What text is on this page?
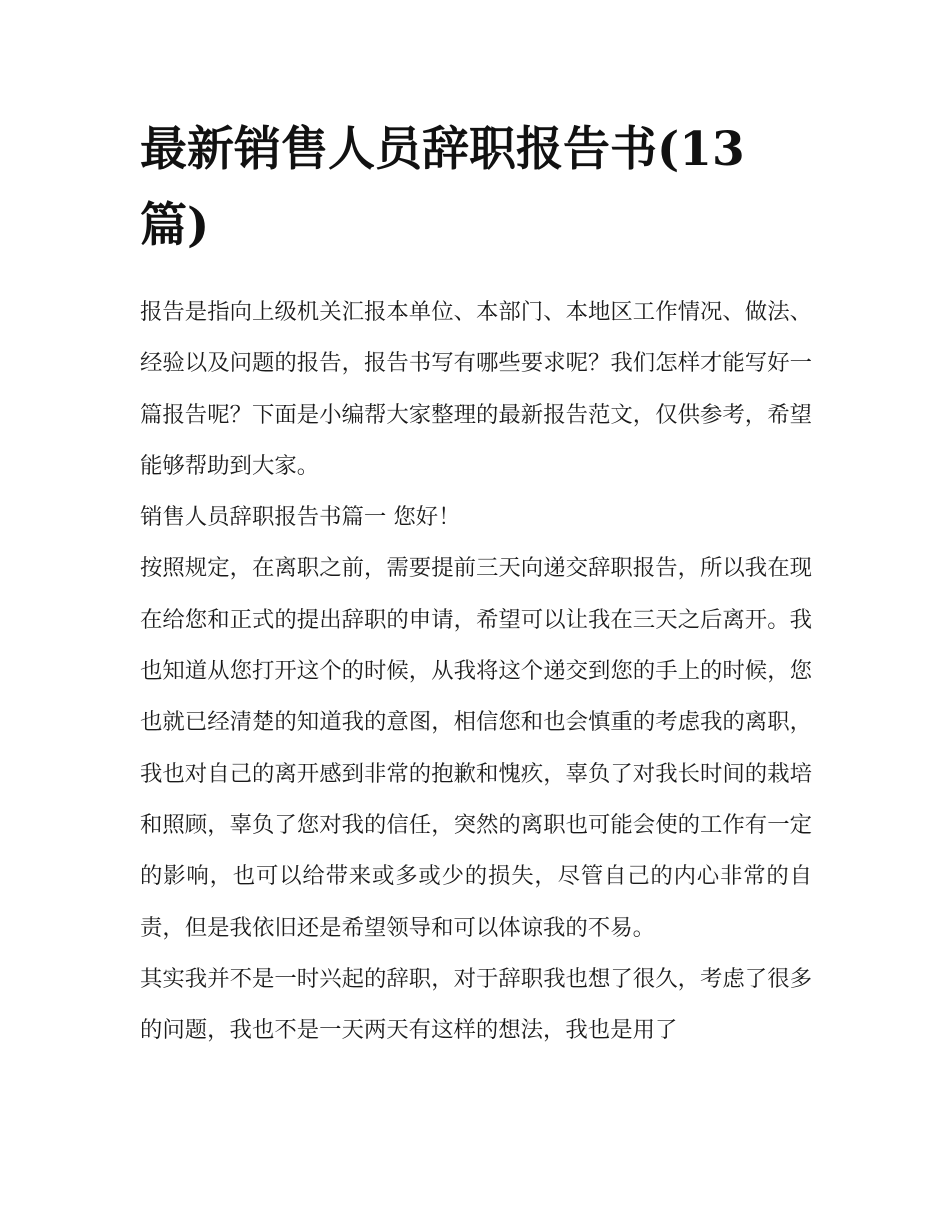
最新销售人员辞职报告书(13篇)

报告是指向上级机关汇报本单位、本部门、本地区工作情况、做法、经验以及问题的报告，报告书写有哪些要求呢？我们怎样才能写好一篇报告呢？下面是小编帮大家整理的最新报告范文，仅供参考，希望能够帮助到大家。

销售人员辞职报告书篇一 您好！

按照规定，在离职之前，需要提前三天向递交辞职报告，所以我在现在给您和正式的提出辞职的申请，希望可以让我在三天之后离开。我也知道从您打开这个的时候，从我将这个递交到您的手上的时候，您也就已经清楚的知道我的意图，相信您和也会慎重的考虑我的离职，我也对自己的离开感到非常的抱歉和愧疚，辜负了对我长时间的栽培和照顾，辜负了您对我的信任，突然的离职也可能会使的工作有一定的影响，也可以给带来或多或少的损失，尽管自己的内心非常的自责，但是我依旧还是希望领导和可以体谅我的不易。

其实我并不是一时兴起的辞职，对于辞职我也想了很久，考虑了很多的问题，我也不是一天两天有这样的想法，我也是用了
